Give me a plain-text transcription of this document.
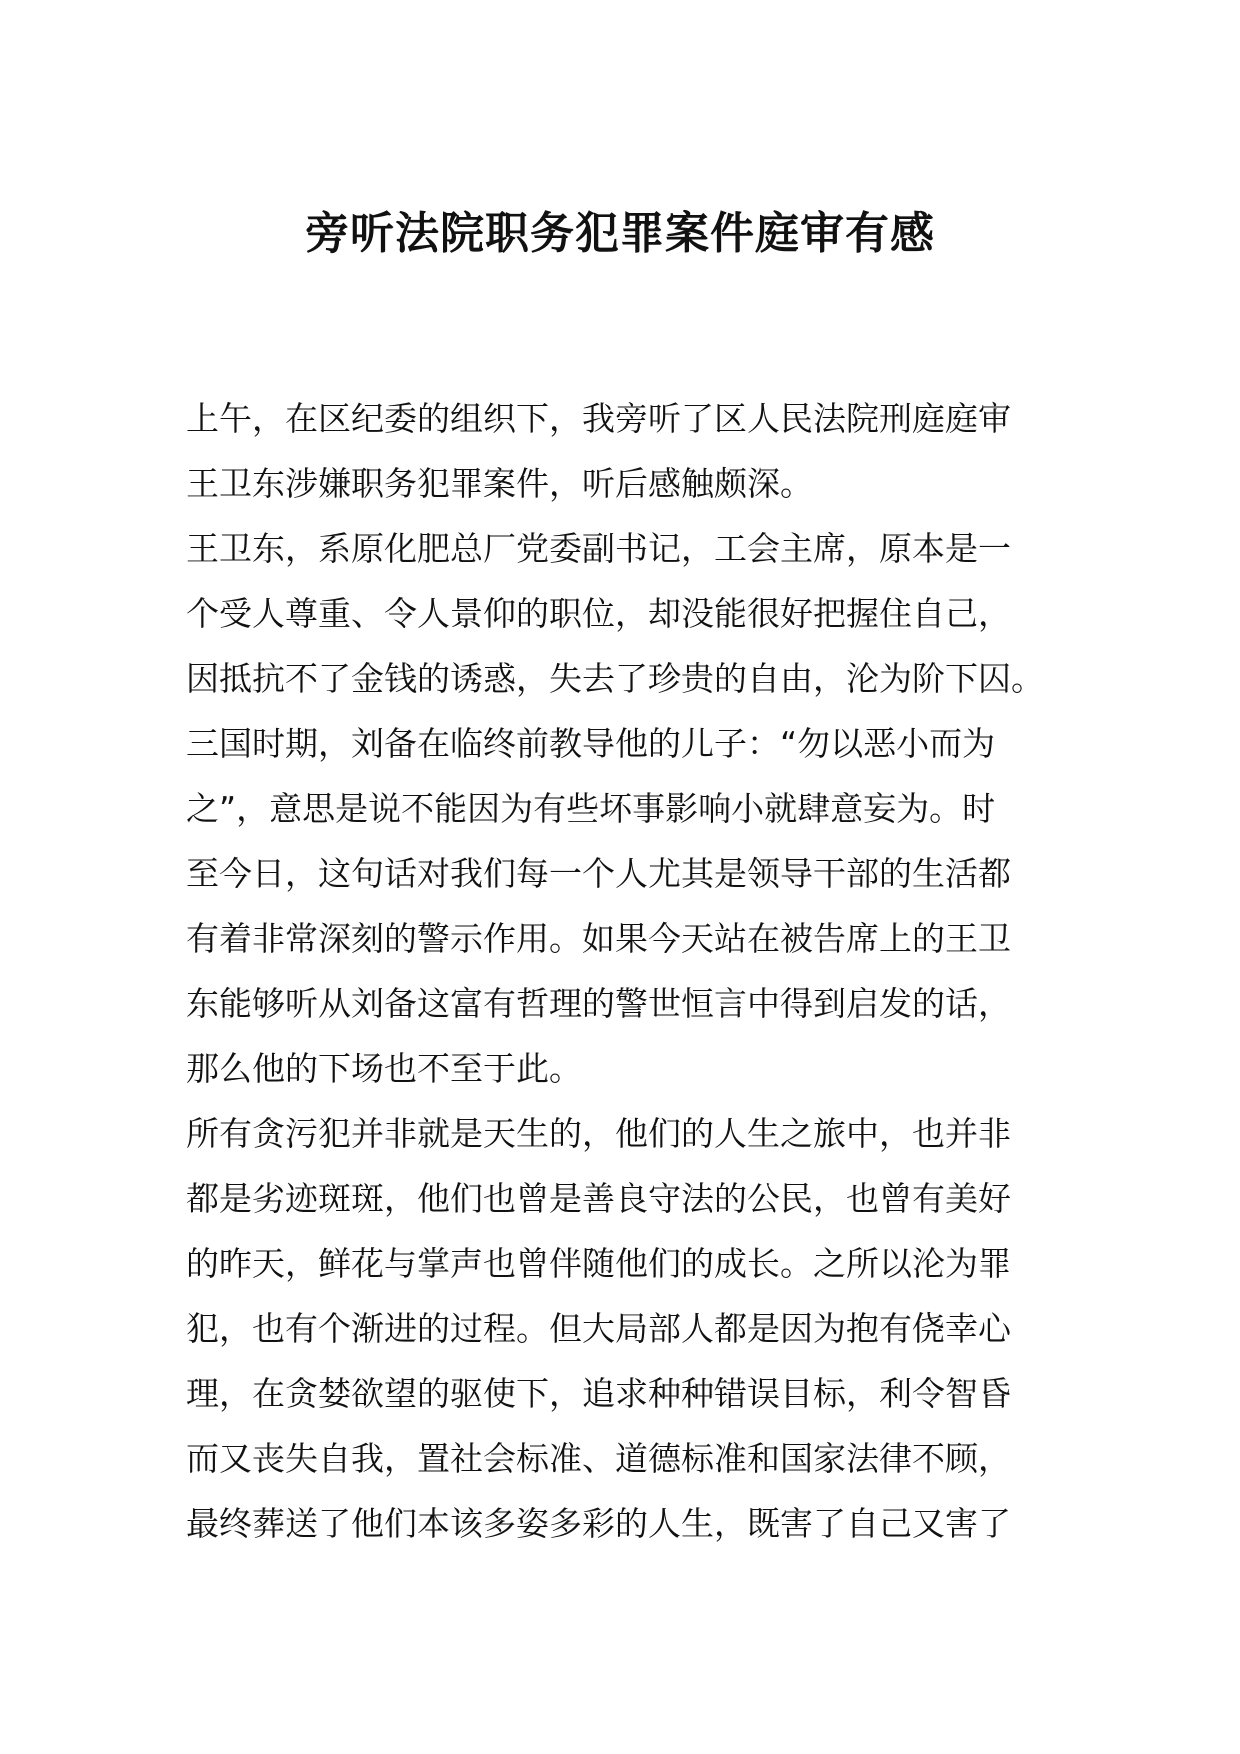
旁听法院职务犯罪案件庭审有感
上午，在区纪委的组织下，我旁听了区人民法院刑庭庭审
王卫东涉嫌职务犯罪案件，听后感触颇深。
王卫东，系原化肥总厂党委副书记，工会主席，原本是一
个受人尊重、令人景仰的职位，却没能很好把握住自己，
因抵抗不了金钱的诱惑，失去了珍贵的自由，沦为阶下囚。
三国时期，刘备在临终前教导他的儿子：“勿以恶小而为
之”，意思是说不能因为有些坏事影响小就肆意妄为。时
至今日，这句话对我们每一个人尤其是领导干部的生活都
有着非常深刻的警示作用。如果今天站在被告席上的王卫
东能够听从刘备这富有哲理的警世恒言中得到启发的话，
那么他的下场也不至于此。
所有贪污犯并非就是天生的，他们的人生之旅中，也并非
都是劣迹斑斑，他们也曾是善良守法的公民，也曾有美好
的昨天，鲜花与掌声也曾伴随他们的成长。之所以沦为罪
犯，也有个渐进的过程。但大局部人都是因为抱有侥幸心
理，在贪婪欲望的驱使下，追求种种错误目标，利令智昏
而又丧失自我，置社会标准、道德标准和国家法律不顾，
最终葬送了他们本该多姿多彩的人生，既害了自己又害了
